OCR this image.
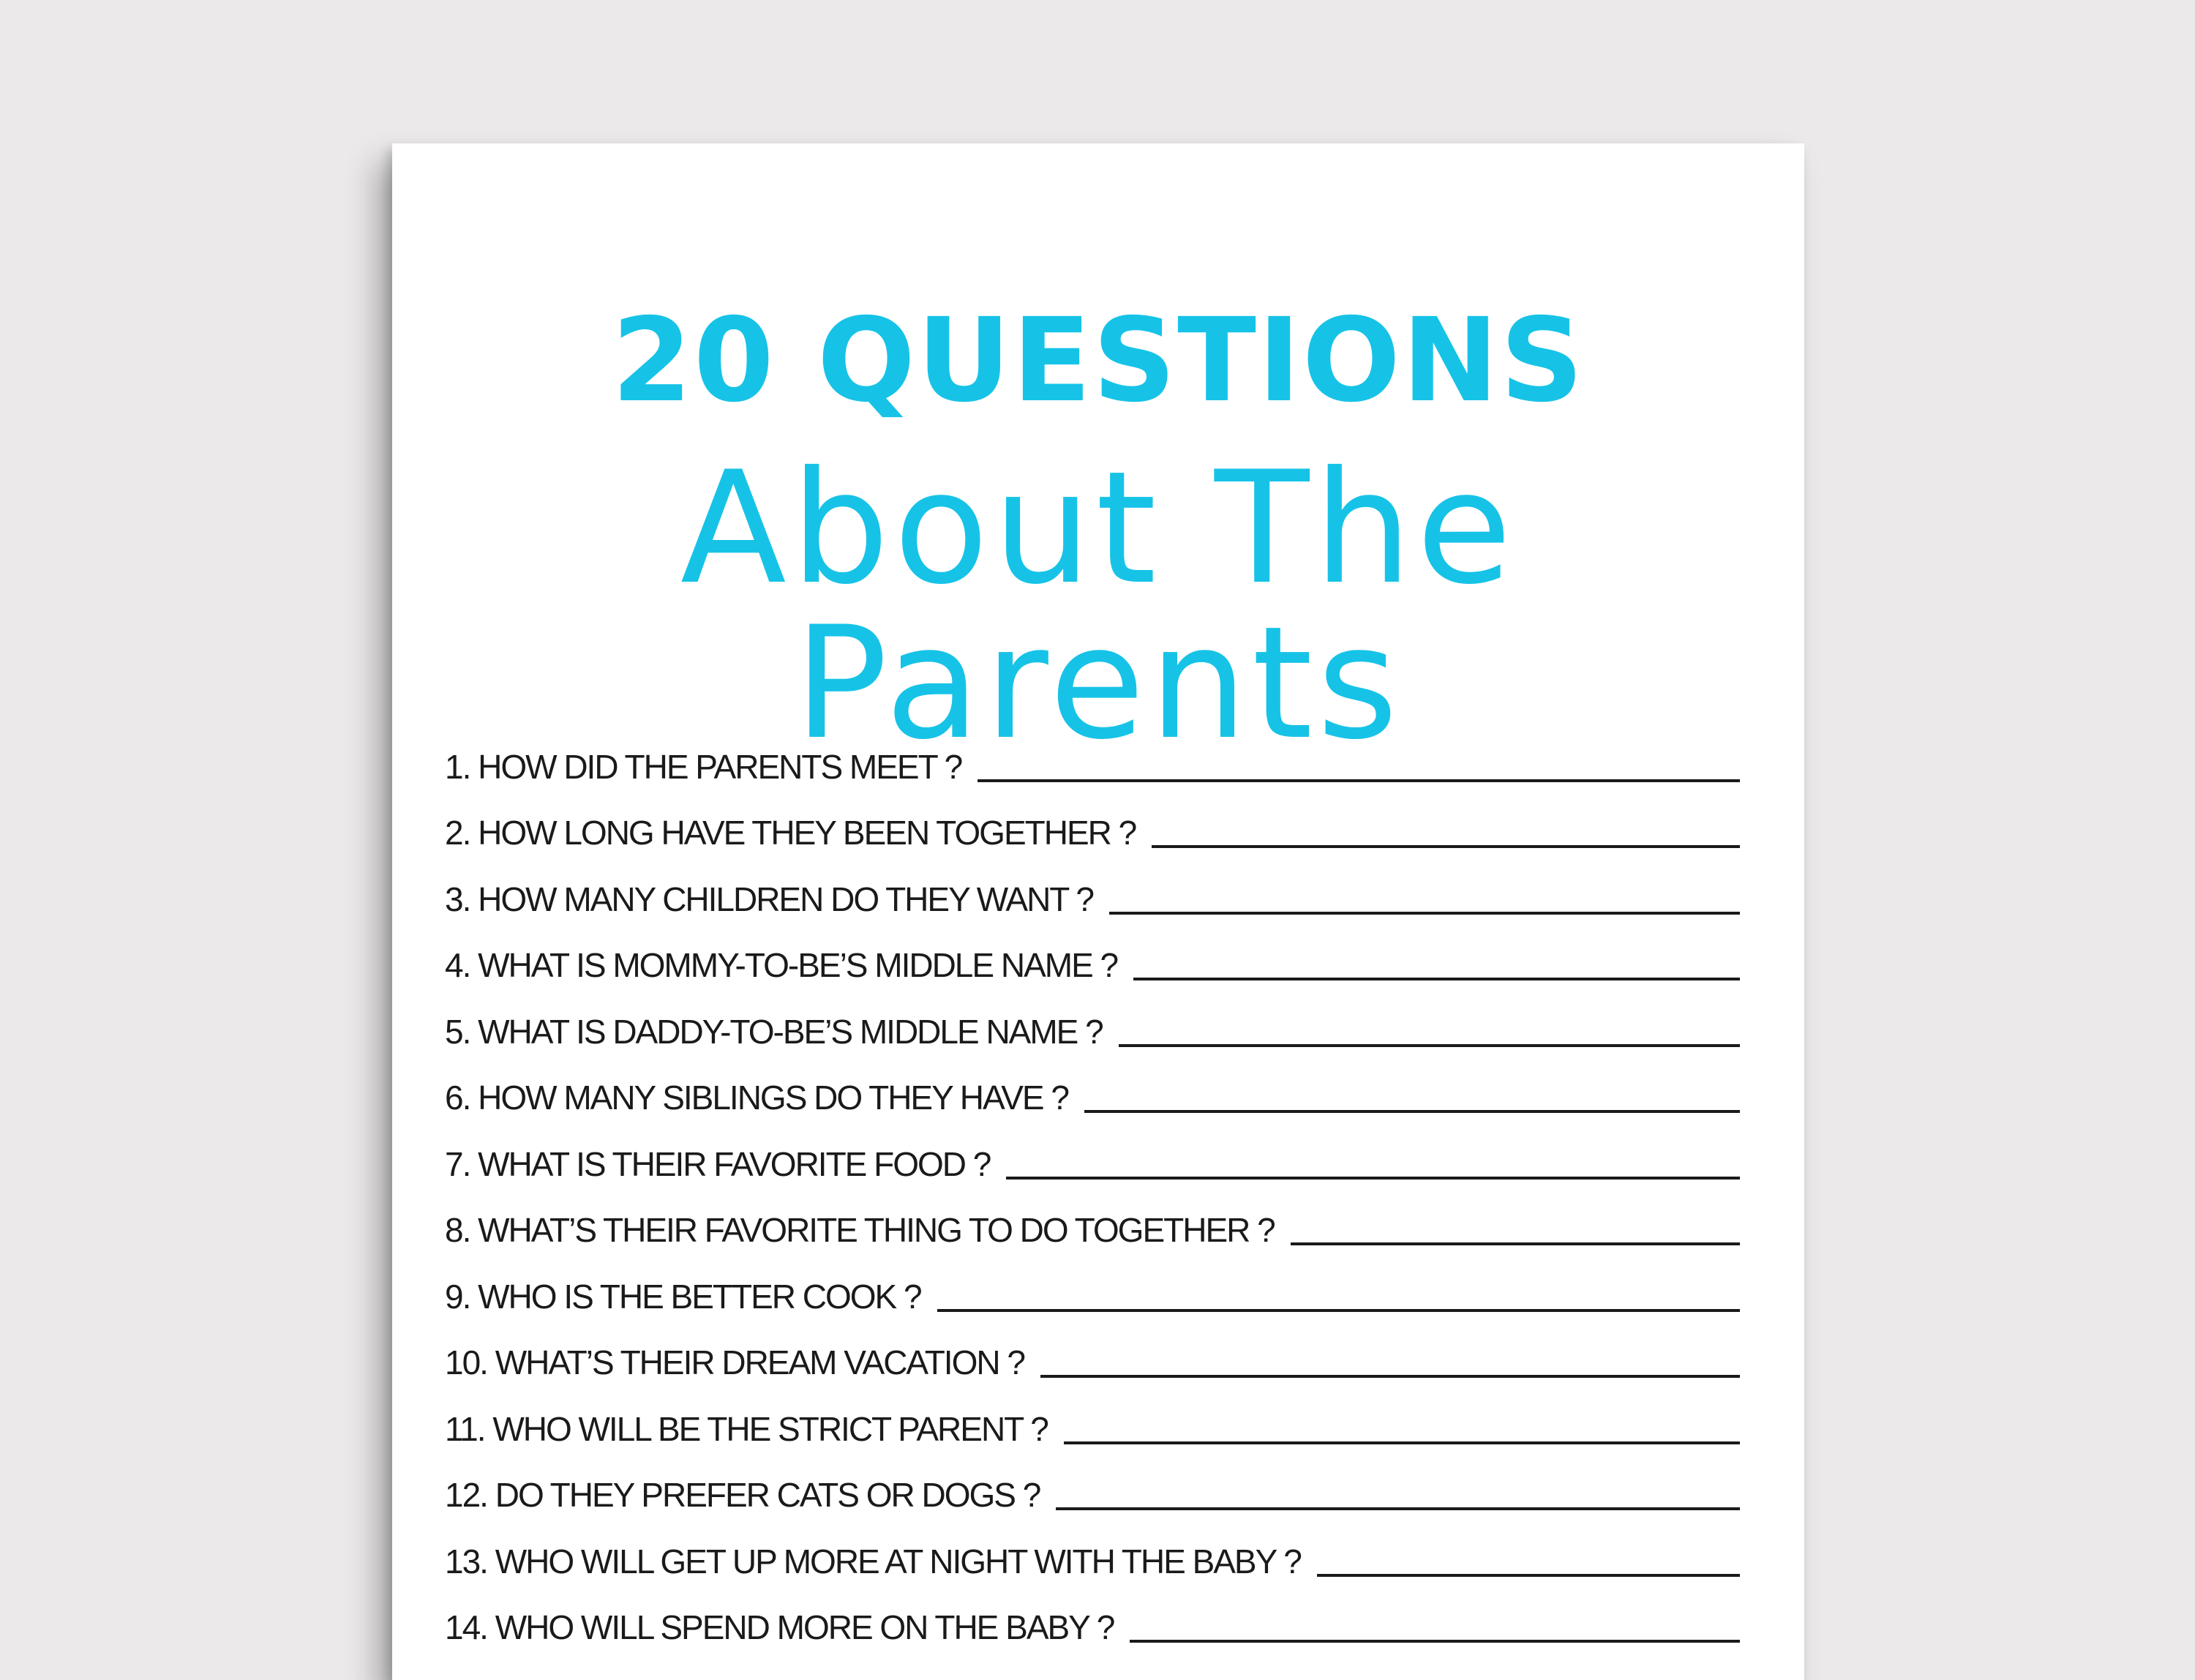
20 QUESTIONS
About The Parents
1. HOW DID THE PARENTS MEET ?
2. HOW LONG HAVE THEY BEEN TOGETHER ?
3. HOW MANY CHILDREN DO THEY WANT ?
4. WHAT IS MOMMY-TO-BE’S MIDDLE NAME ?
5. WHAT IS DADDY-TO-BE’S MIDDLE NAME ?
6. HOW MANY SIBLINGS DO THEY HAVE ?
7. WHAT IS THEIR FAVORITE FOOD ?
8. WHAT’S THEIR FAVORITE THING TO DO TOGETHER ?
9. WHO IS THE BETTER COOK ?
10. WHAT’S THEIR DREAM VACATION ?
11. WHO WILL BE THE STRICT PARENT ?
12. DO THEY PREFER CATS OR DOGS ?
13. WHO WILL GET UP MORE AT NIGHT WITH THE BABY ?
14. WHO WILL SPEND MORE ON THE BABY ?
